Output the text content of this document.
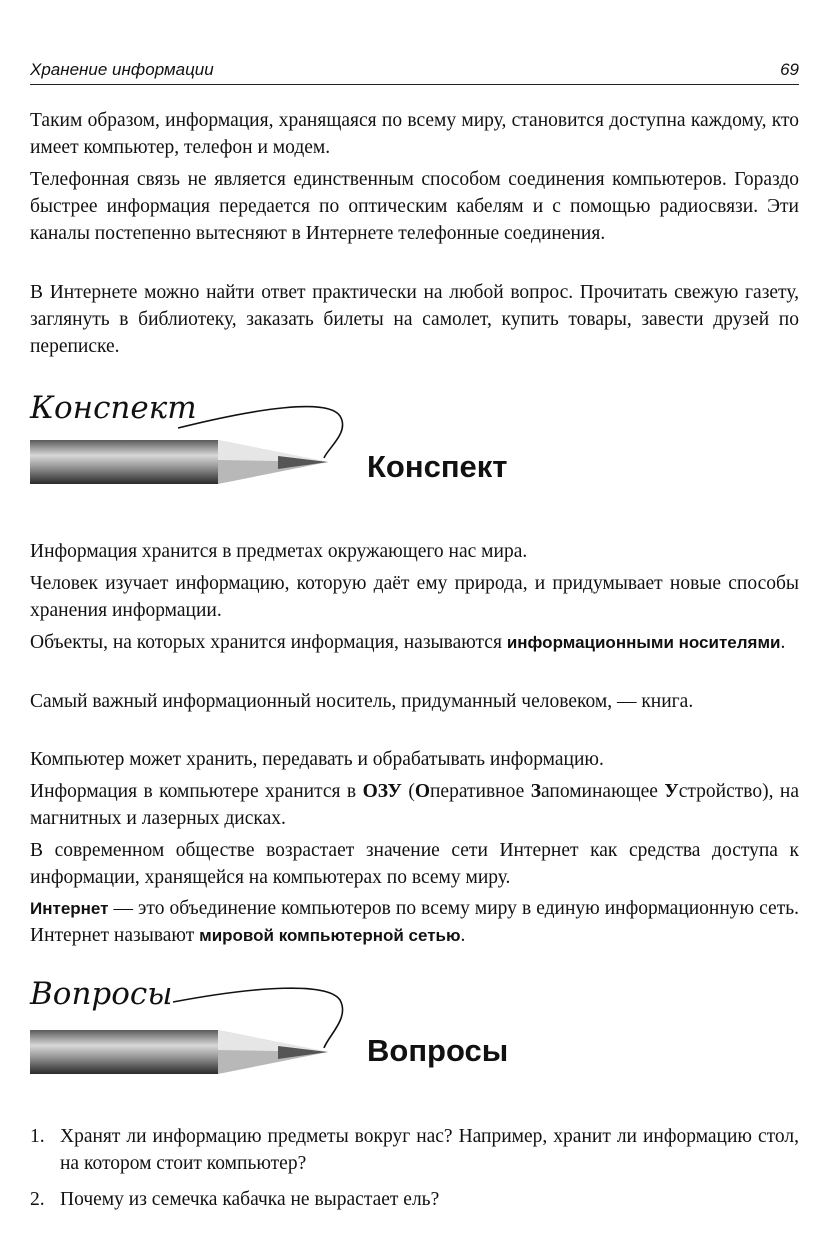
Хранение информации	69

Таким образом, информация, хранящаяся по всему миру, становится доступна каждому, кто имеет компьютер, телефон и модем.

Телефонная связь не является единственным способом соединения компьютеров. Гораздо быстрее информация передается по оптическим кабелям и с помощью радиосвязи. Эти каналы постепенно вытесняют в Интернете телефонные соединения.

В Интернете можно найти ответ практически на любой вопрос. Прочитать свежую газету, заглянуть в библиотеку, заказать билеты на самолет, купить товары, завести друзей по переписке.

Конспект
Конспект

Информация хранится в предметах окружающего нас мира.

Человек изучает информацию, которую даёт ему природа, и придумывает новые способы хранения информации.

Объекты, на которых хранится информация, называются информационными носителями.

Самый важный информационный носитель, придуманный человеком, — книга.

Компьютер может хранить, передавать и обрабатывать информацию.

Информация в компьютере хранится в ОЗУ (Оперативное Запоминающее Устройство), на магнитных и лазерных дисках.

В современном обществе возрастает значение сети Интернет как средства доступа к информации, хранящейся на компьютерах по всему миру.

Интернет — это объединение компьютеров по всему миру в единую информационную сеть. Интернет называют мировой компьютерной сетью.

Вопросы
Вопросы
1. Хранят ли информацию предметы вокруг нас? Например, хранит ли информацию стол, на котором стоит компьютер?
2. Почему из семечка кабачка не вырастает ель?
